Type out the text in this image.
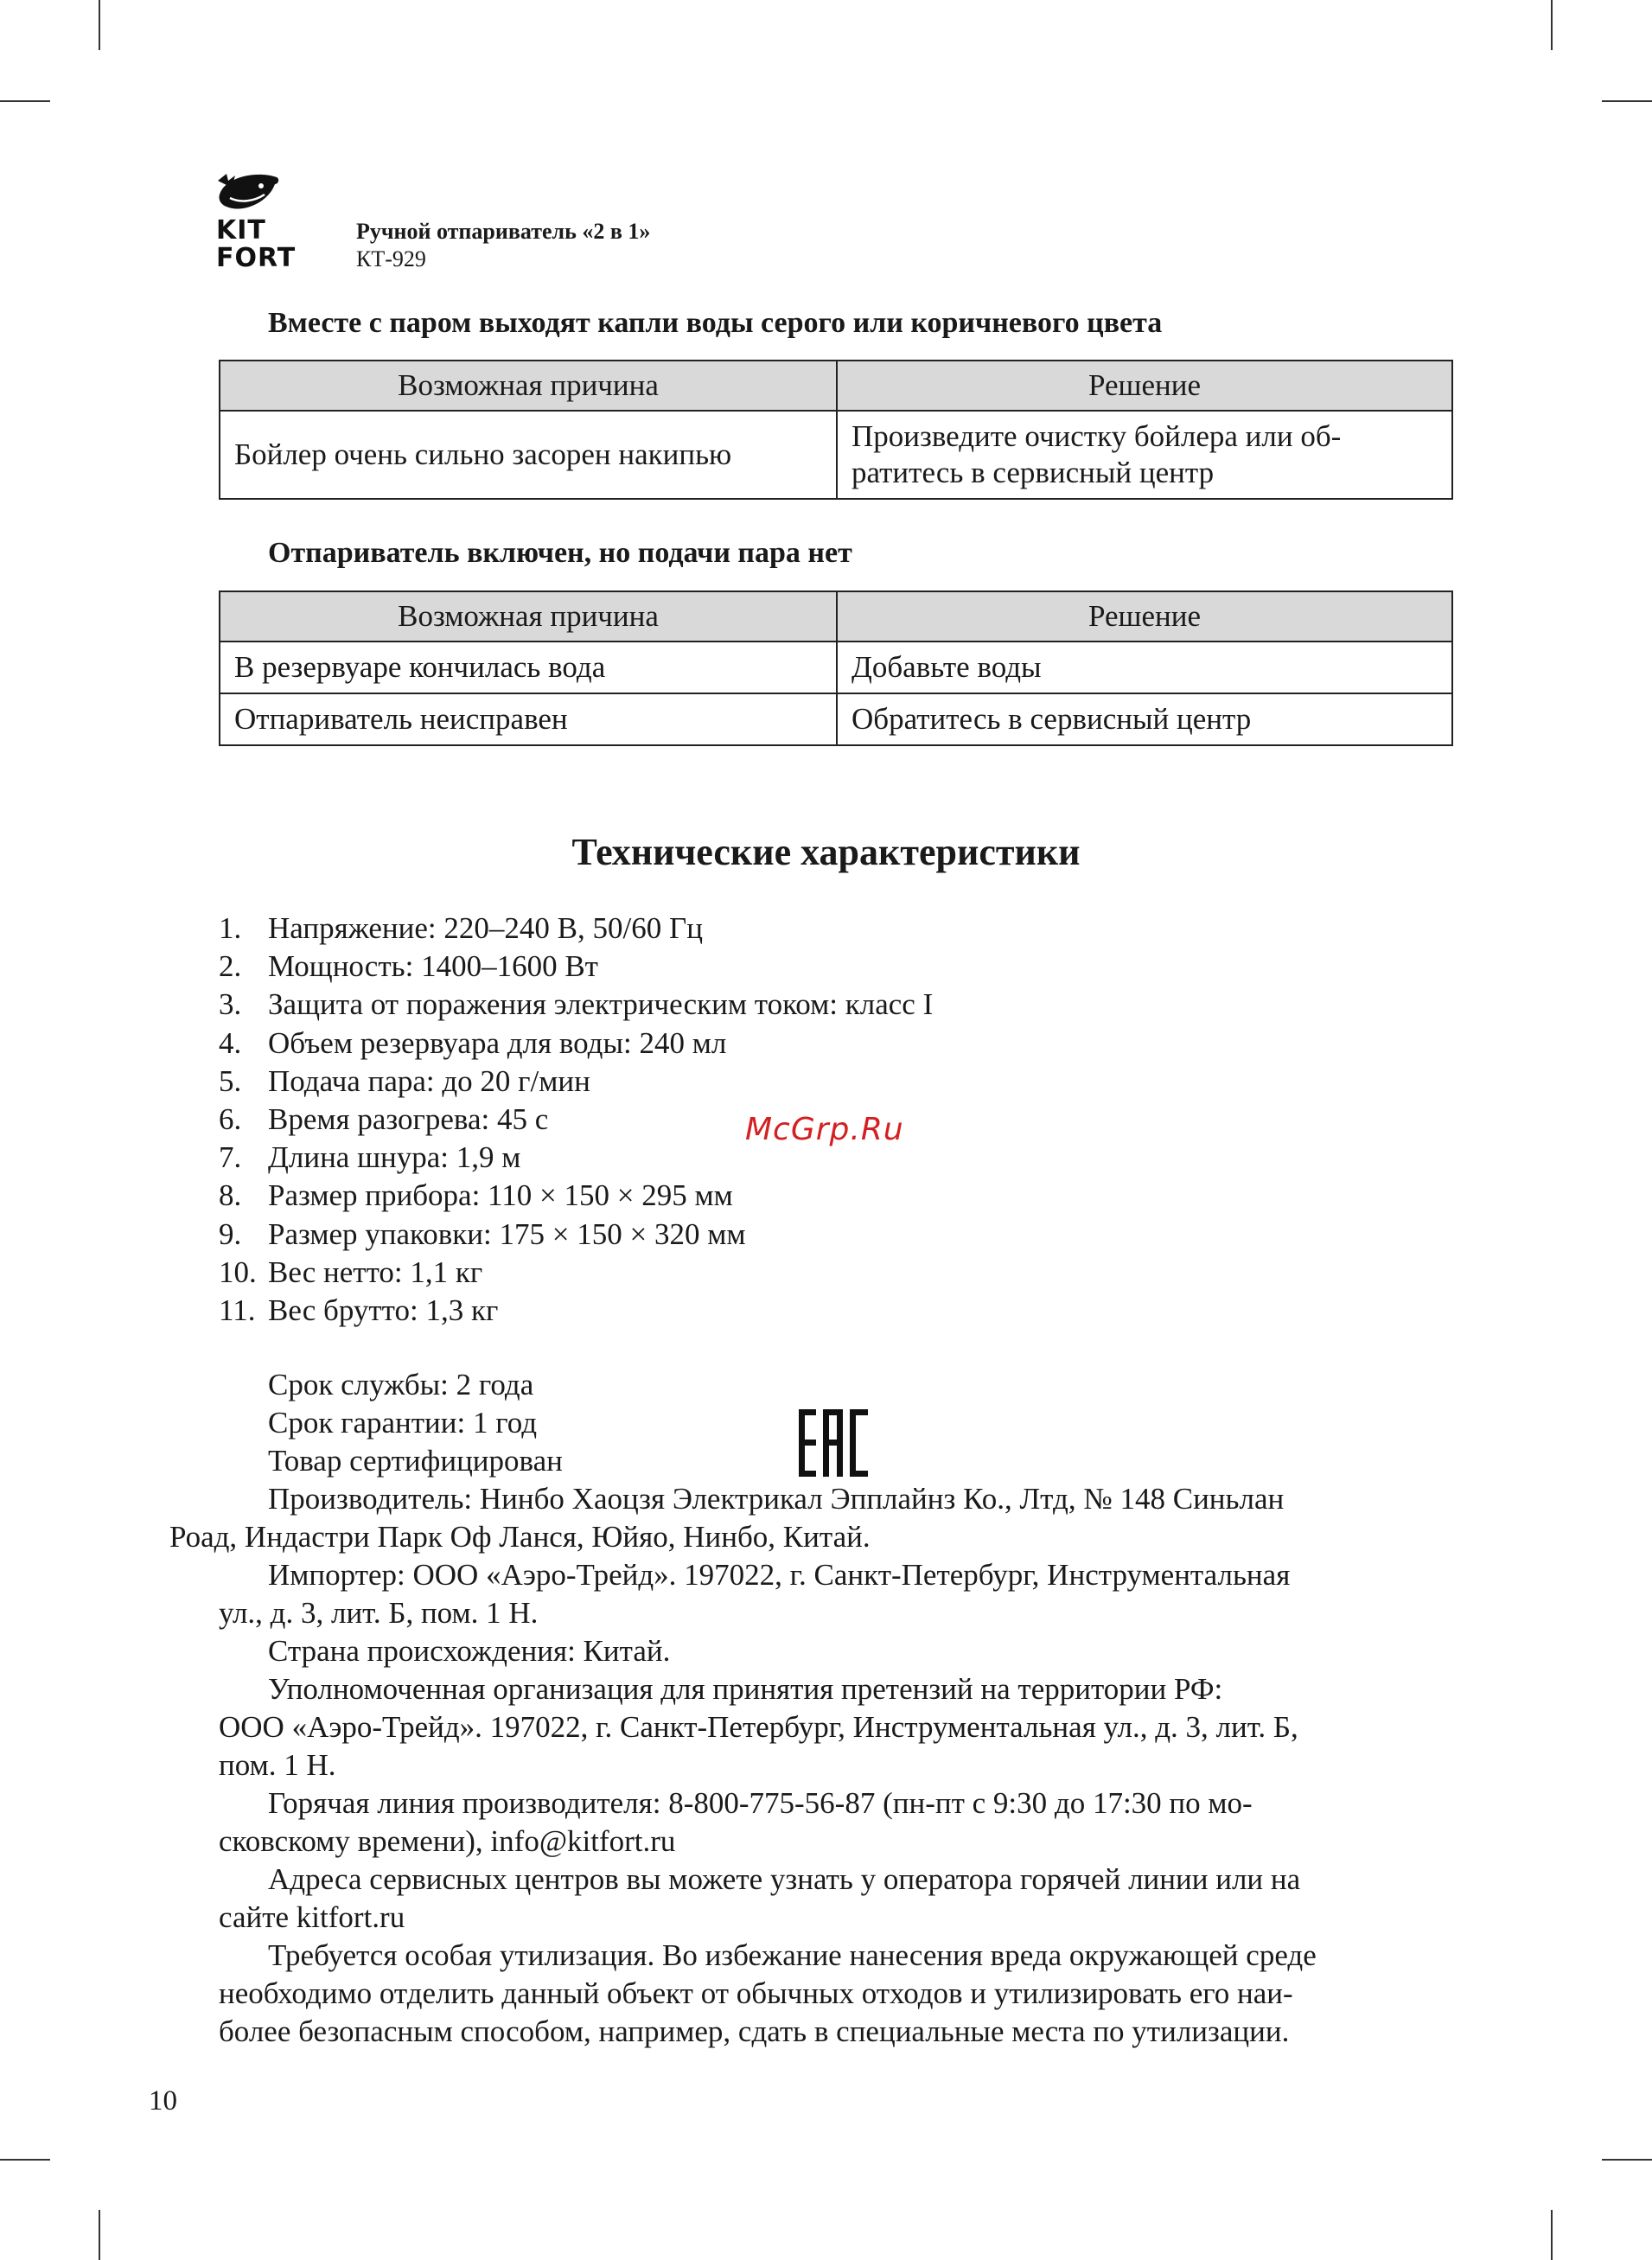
KIT
FORT
Ручной отпариватель «2 в 1»
КТ-929
Вместе с паром выходят капли воды серого или коричневого цвета
Возможная причина	Решение
Бойлер очень сильно засорен накипью	Произведите очистку бойлера или об-
ратитесь в сервисный центр
Отпариватель включен, но подачи пара нет
Возможная причина	Решение
В резервуаре кончилась вода	Добавьте воды
Отпариватель неисправен	Обратитесь в сервисный центр
Технические характеристики
1. Напряжение: 220–240 В, 50/60 Гц
2. Мощность: 1400–1600 Вт
3. Защита от поражения электрическим током: класс I
4. Объем резервуара для воды: 240 мл
5. Подача пара: до 20 г/мин
6. Время разогрева: 45 с
7. Длина шнура: 1,9 м
8. Размер прибора: 110 × 150 × 295 мм
9. Размер упаковки: 175 × 150 × 320 мм
10. Вес нетто: 1,1 кг
11. Вес брутто: 1,3 кг
McGrp.Ru
Срок службы: 2 года
Срок гарантии: 1 год
Товар сертифицирован

Производитель: Нинбо Хаоцзя Электрикал Эпплайнз Ко., Лтд, № 148 Синьлан
Роад, Индастри Парк Оф Ланся, Юйяо, Нинбо, Китай.

Импортер: ООО «Аэро-Трейд». 197022, г. Санкт-Петербург, Инструментальная
ул., д. 3, лит. Б, пом. 1 Н.

Страна происхождения: Китай.

Уполномоченная организация для принятия претензий на территории РФ:
ООО «Аэро-Трейд». 197022, г. Санкт-Петербург, Инструментальная ул., д. 3, лит. Б,
пом. 1 Н.

Горячая линия производителя: 8-800-775-56-87 (пн-пт с 9:30 до 17:30 по мо-
сковскому времени), info@kitfort.ru

Адреса сервисных центров вы можете узнать у оператора горячей линии или на
сайте kitfort.ru

Требуется особая утилизация. Во избежание нанесения вреда окружающей среде
необходимо отделить данный объект от обычных отходов и утилизировать его наи-
более безопасным способом, например, сдать в специальные места по утилизации.

10
